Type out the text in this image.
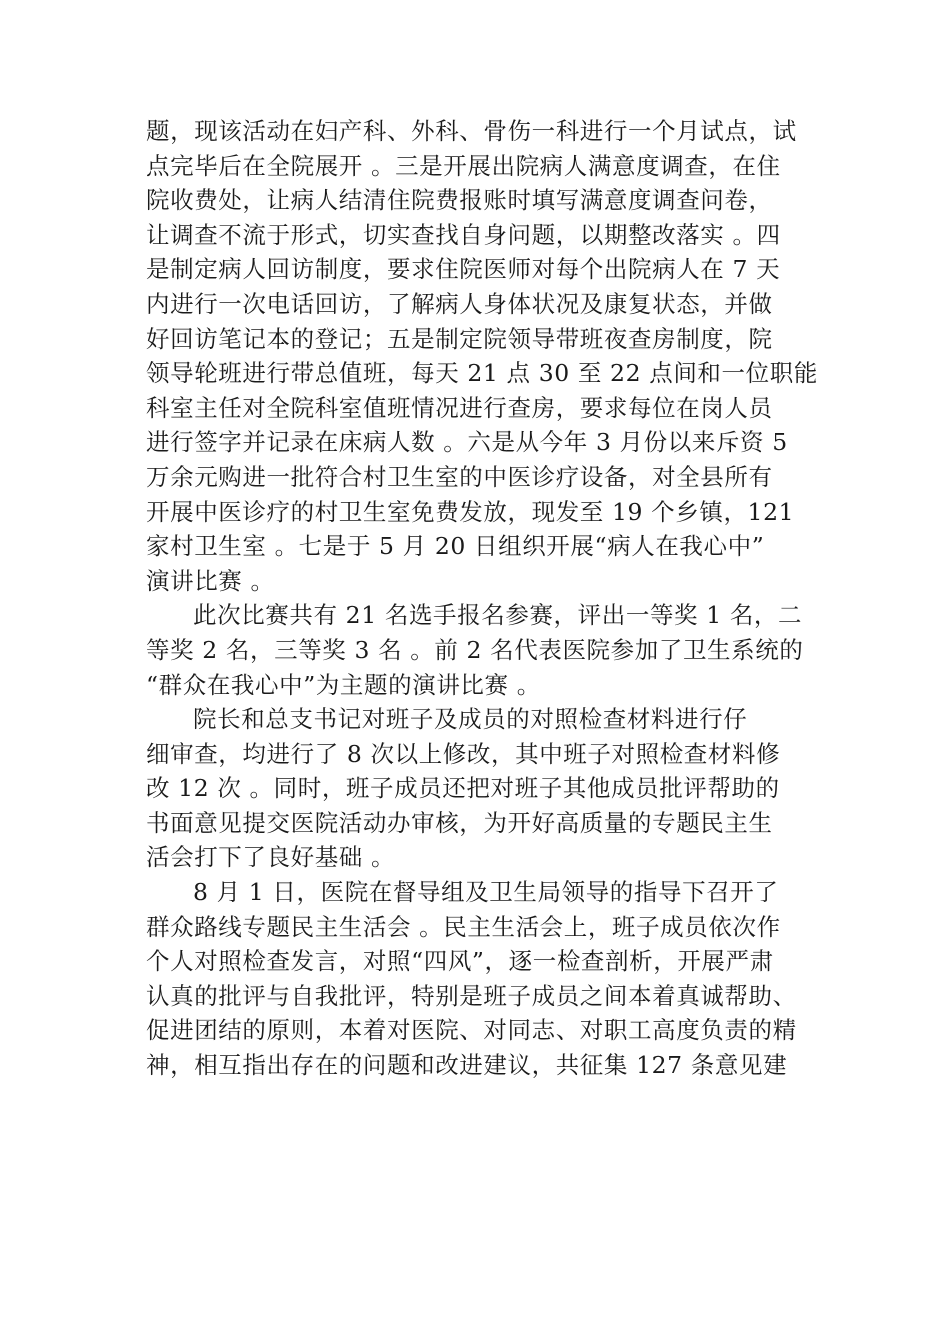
题，现该活动在妇产科、外科、骨伤一科进行一个月试点，试
点完毕后在全院展开 。三是开展出院病人满意度调查，在住
院收费处，让病人结清住院费报账时填写满意度调查问卷，
让调查不流于形式，切实查找自身问题，以期整改落实 。四
是制定病人回访制度，要求住院医师对每个出院病人在 7 天
内进行一次电话回访，了解病人身体状况及康复状态，并做
好回访笔记本的登记；五是制定院领导带班夜查房制度，院
领导轮班进行带总值班，每天 21 点 30 至 22 点间和一位职能
科室主任对全院科室值班情况进行查房，要求每位在岗人员
进行签字并记录在床病人数 。六是从今年 3 月份以来斥资 5
万余元购进一批符合村卫生室的中医诊疗设备，对全县所有
开展中医诊疗的村卫生室免费发放，现发至 19 个乡镇，121
家村卫生室 。七是于 5 月 20 日组织开展“病人在我心中”
演讲比赛 。
此次比赛共有 21 名选手报名参赛，评出一等奖 1 名，二
等奖 2 名，三等奖 3 名 。前 2 名代表医院参加了卫生系统的
“群众在我心中”为主题的演讲比赛 。
院长和总支书记对班子及成员的对照检查材料进行仔
细审查，均进行了 8 次以上修改，其中班子对照检查材料修
改 12 次 。同时，班子成员还把对班子其他成员批评帮助的
书面意见提交医院活动办审核，为开好高质量的专题民主生
活会打下了良好基础 。
8 月 1 日，医院在督导组及卫生局领导的指导下召开了
群众路线专题民主生活会 。民主生活会上，班子成员依次作
个人对照检查发言，对照“四风”，逐一检查剖析，开展严肃
认真的批评与自我批评，特别是班子成员之间本着真诚帮助、
促进团结的原则，本着对医院、对同志、对职工高度负责的精
神，相互指出存在的问题和改进建议，共征集 127 条意见建
